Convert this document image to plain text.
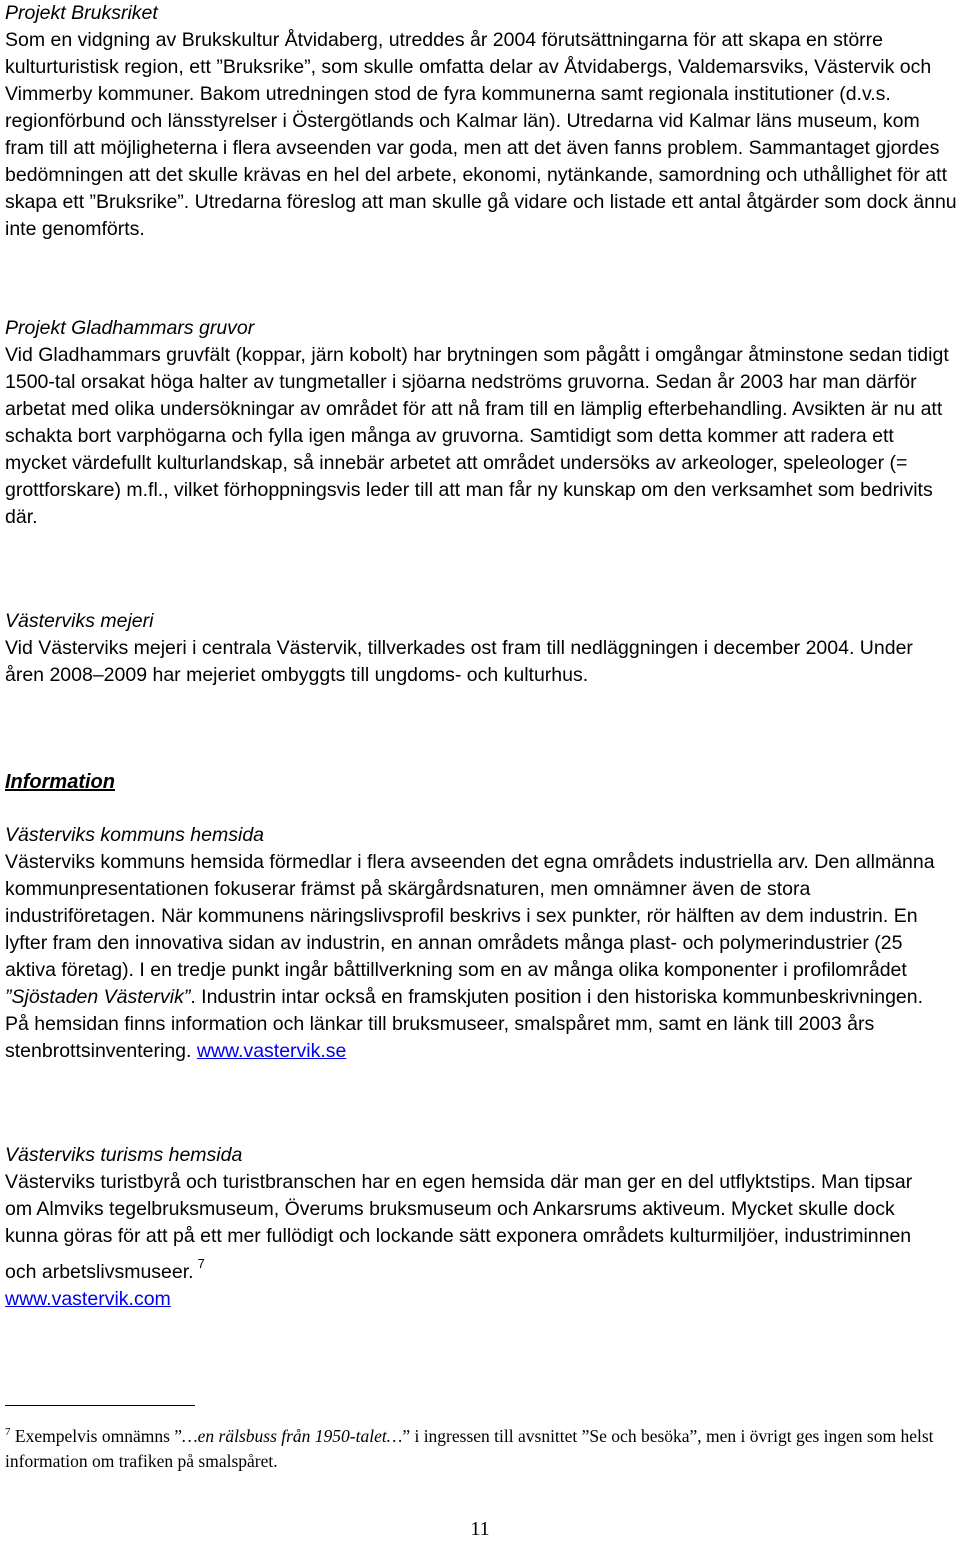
Projekt Bruksriket

Som en vidgning av Brukskultur Åtvidaberg, utreddes år 2004 förutsättningarna för att skapa en större kulturturistisk region, ett ”Bruksrike”, som skulle omfatta delar av Åtvidabergs, Valdemarsviks, Västervik och Vimmerby kommuner. Bakom utredningen stod de fyra kommunerna samt regionala institutioner (d.v.s. regionförbund och länsstyrelser i Östergötlands och Kalmar län). Utredarna vid Kalmar läns museum, kom fram till att möjligheterna i flera avseenden var goda, men att det även fanns problem. Sammantaget gjordes bedömningen att det skulle krävas en hel del arbete, ekonomi, nytänkande, samordning och uthållighet för att skapa ett ”Bruksrike”. Utredarna föreslog att man skulle gå vidare och listade ett antal åtgärder som dock ännu inte genomförts.

Projekt Gladhammars gruvor

Vid Gladhammars gruvfält (koppar, järn kobolt) har brytningen som pågått i omgångar åtminstone sedan tidigt 1500-tal orsakat höga halter av tungmetaller i sjöarna nedströms gruvorna. Sedan år 2003 har man därför arbetat med olika undersökningar av området för att nå fram till en lämplig efterbehandling. Avsikten är nu att schakta bort varphögarna och fylla igen många av gruvorna. Samtidigt som detta kommer att radera ett mycket värdefullt kulturlandskap, så innebär arbetet att området undersöks av arkeologer, speleologer (= grottforskare) m.fl., vilket förhoppningsvis leder till att man får ny kunskap om den verksamhet som bedrivits där.

Västerviks mejeri

Vid Västerviks mejeri i centrala Västervik, tillverkades ost fram till nedläggningen i december 2004. Under åren 2008–2009 har mejeriet ombyggts till ungdoms- och kulturhus.

Information

Västerviks kommuns hemsida

Västerviks kommuns hemsida förmedlar i flera avseenden det egna områdets industriella arv. Den allmänna kommunpresentationen fokuserar främst på skärgårdsnaturen, men omnämner även de stora industriföretagen. När kommunens näringslivsprofil beskrivs i sex punkter, rör hälften av dem industrin. En lyfter fram den innovativa sidan av industrin, en annan områdets många plast- och polymerindustrier (25 aktiva företag). I en tredje punkt ingår båttillverkning som en av många olika komponenter i profilområdet ”Sjöstaden Västervik”. Industrin intar också en framskjuten position i den historiska kommunbeskrivningen. På hemsidan finns information och länkar till bruksmuseer, smalspåret mm, samt en länk till 2003 års stenbrottsinventering. www.vastervik.se

Västerviks turisms hemsida

Västerviks turistbyrå och turistbranschen har en egen hemsida där man ger en del utflyktstips. Man tipsar om Almviks tegelbruksmuseum, Överums bruksmuseum och Ankarsrums aktiveum. Mycket skulle dock kunna göras för att på ett mer fullödigt och lockande sätt exponera områdets kulturmiljöer, industriminnen och arbetslivsmuseer. $^7$

www.vastervik.com

$^7$ Exempelvis omnämns ”…en rälsbuss från 1950-talet…” i ingressen till avsnittet ”Se och besöka”, men i övrigt ges ingen som helst information om trafiken på smalspåret.
11
